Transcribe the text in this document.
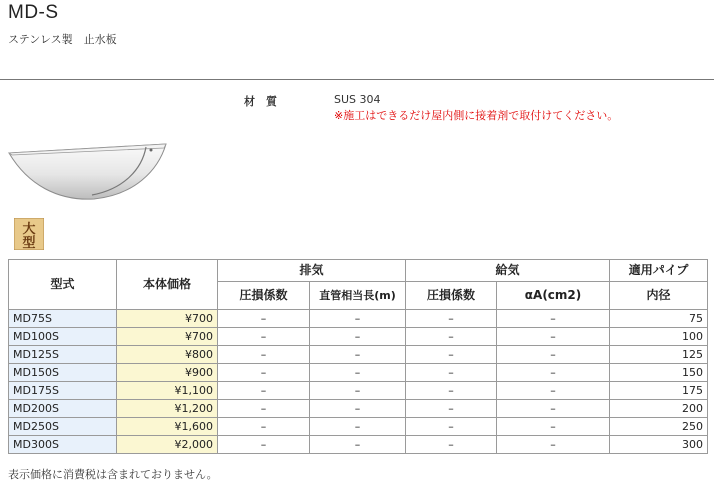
MD-S
ステンレス製　止水板
材　質	SUS 304
※施工はできるだけ屋内側に接着剤で取付けてください。
大
型
型式	本体価格	排気		給気		適用パイプ
		圧損係数	直管相当長(m)	圧損係数	αA(cm2)	内径
MD75S	¥700	–	–	–	–	75
MD100S	¥700	–	–	–	–	100
MD125S	¥800	–	–	–	–	125
MD150S	¥900	–	–	–	–	150
MD175S	¥1,100	–	–	–	–	175
MD200S	¥1,200	–	–	–	–	200
MD250S	¥1,600	–	–	–	–	250
MD300S	¥2,000	–	–	–	–	300
表示価格に消費税は含まれておりません。
